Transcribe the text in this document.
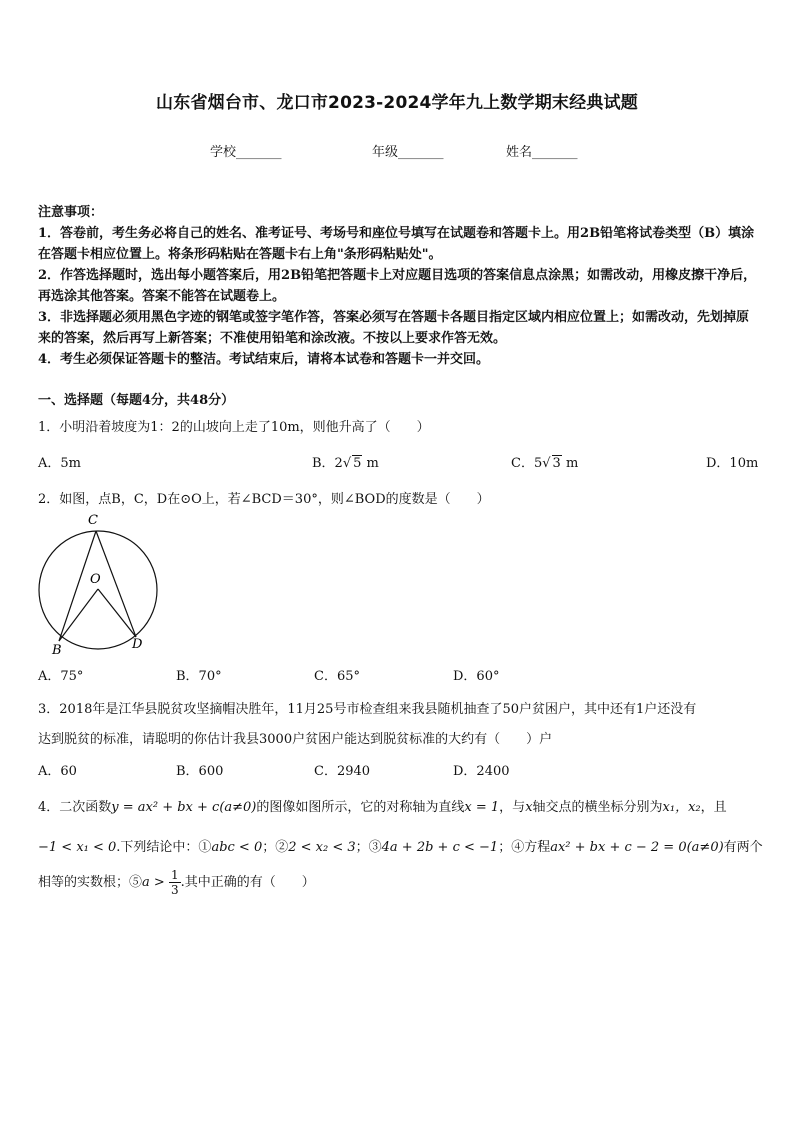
山东省烟台市、龙口市2023-2024学年九上数学期末经典试题
学校_______	年级_______	姓名_______

注意事项：

1．答卷前，考生务必将自己的姓名、准考证号、考场号和座位号填写在试题卷和答题卡上。用2B铅笔将试卷类型（B）填涂在答题卡相应位置上。将条形码粘贴在答题卡右上角"条形码粘贴处"。

2．作答选择题时，选出每小题答案后，用2B铅笔把答题卡上对应题目选项的答案信息点涂黑；如需改动，用橡皮擦干净后，再选涂其他答案。答案不能答在试题卷上。

3．非选择题必须用黑色字迹的钢笔或签字笔作答，答案必须写在答题卡各题目指定区域内相应位置上；如需改动，先划掉原来的答案，然后再写上新答案；不准使用铅笔和涂改液。不按以上要求作答无效。

4．考生必须保证答题卡的整洁。考试结束后，请将本试卷和答题卡一并交回。

一、选择题（每题4分，共48分）
1．小明沿着坡度为1：2的山坡向上走了10m，则他升高了（　　）
A．5m	B．2√ 5 m	C．5√ 3 m	D．10m
2．如图，点B，C，D在⊙O上，若∠BCD＝30°，则∠BOD的度数是（　　）
C
O
B	D
A．75°	B．70°	C．65°	D．60°
3．2018年是江华县脱贫攻坚摘帽决胜年，11月25号市检查组来我县随机抽查了50户贫困户，其中还有1户还没有
达到脱贫的标准，请聪明的你估计我县3000户贫困户能达到脱贫标准的大约有（　　）户
A．60	B．600	C．2940	D．2400
4．二次函数y = ax² + bx + c(a≠0)的图像如图所示，它的对称轴为直线x = 1，与x轴交点的横坐标分别为x₁，x₂，且
−1 < x₁ < 0.下列结论中：①abc < 0；②2 < x₂ < 3；③4a + 2b + c < −1；④方程ax² + bx + c − 2 = 0(a≠0)有两个
相等的实数根；⑤a > $\frac{1}{3}$ .其中正确的有（　　）
